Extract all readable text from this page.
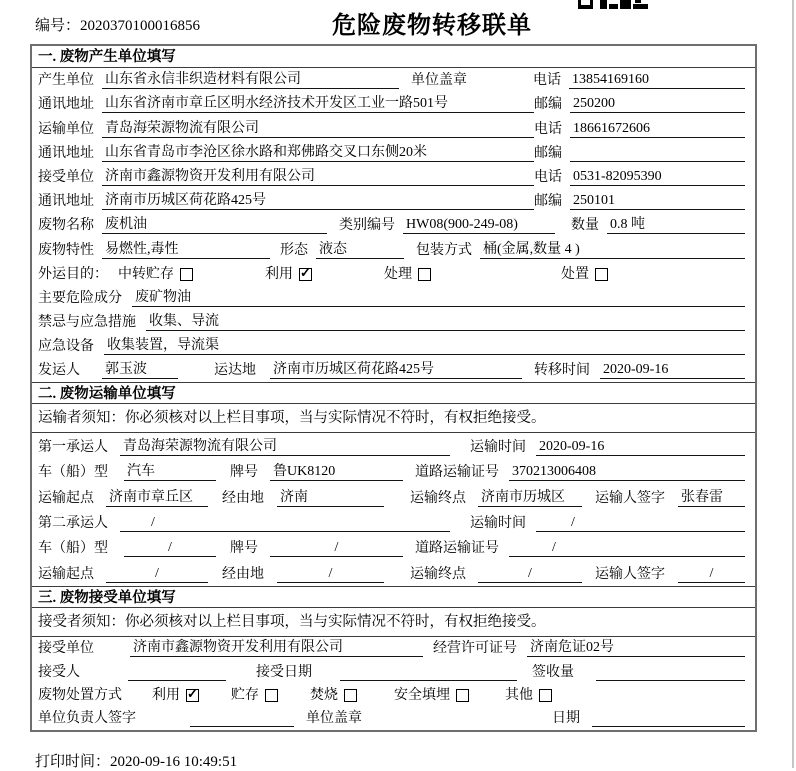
编号：2020370100016856	危险废物转移联单
一. 废物产生单位填写
产生单位 山东省永信非织造材料有限公司	单位盖章	电话 13854169160
通讯地址 山东省济南市章丘区明水经济技术开发区工业一路501号	邮编 250200
运输单位 青岛海荣源物流有限公司	电话 18661672606
通讯地址 山东省青岛市李沧区徐水路和郑佛路交叉口东侧20米	邮编
接受单位 济南市鑫源物资开发利用有限公司	电话 0531-82095390
通讯地址 济南市历城区荷花路425号	邮编 250101
废物名称 废机油	类别编号 HW08(900-249-08)	数量 0.8 吨
废物特性 易燃性,毒性	形态 液态	包装方式 桶(金属,数量 4 )
外运目的： 中转贮存	利用 ✓	处理	处置
主要危险成分 废矿物油
禁忌与应急措施 收集、导流
应急设备 收集装置，导流渠
发运人 郭玉波	运达地 济南市历城区荷花路425号	转移时间 2020-09-16
二. 废物运输单位填写
运输者须知：你必须核对以上栏目事项，当与实际情况不符时，有权拒绝接受。
第一承运人 青岛海荣源物流有限公司	运输时间 2020-09-16
车（船）型 汽车	牌号 鲁UK8120	道路运输证号 370213006408
运输起点 济南市章丘区	经由地 济南	运输终点 济南市历城区	运输人签字 张春雷
第二承运人	/	运输时间	/
车（船）型	/	牌号	/	道路运输证号	/
运输起点	/	经由地	/	运输终点	/	运输人签字	/
三. 废物接受单位填写
接受者须知：你必须核对以上栏目事项，当与实际情况不符时，有权拒绝接受。
接受单位	济南市鑫源物资开发利用有限公司	经营许可证号 济南危证02号
接受人	接受日期	签收量
废物处置方式 利用 ✓	贮存	焚烧	安全填埋	其他
单位负责人签字	单位盖章	日期
打印时间：2020-09-16 10:49:51
